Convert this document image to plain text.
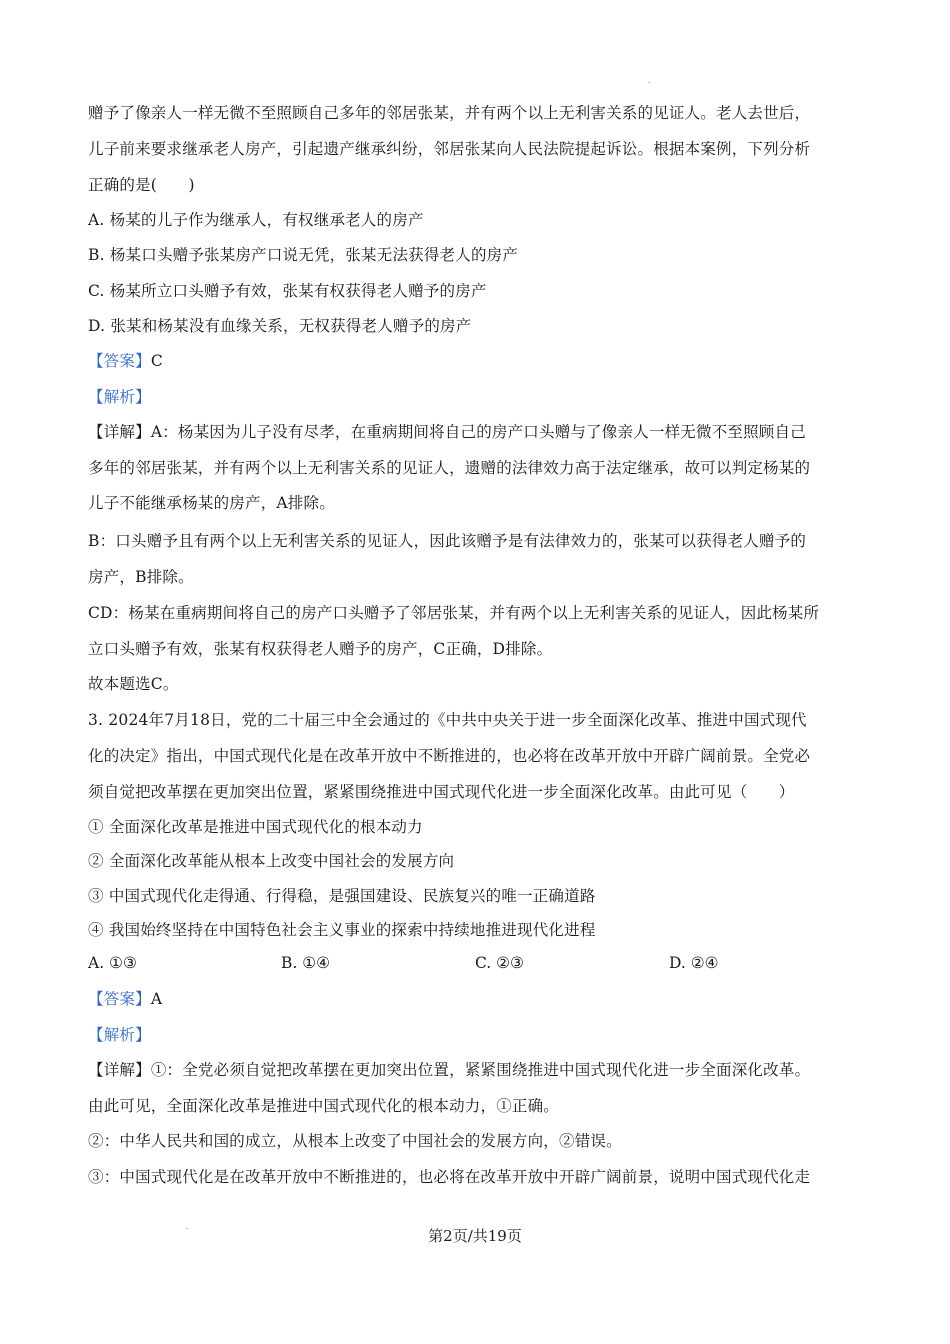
赠予了像亲人一样无微不至照顾自己多年的邻居张某，并有两个以上无利害关系的见证人。老人去世后，
儿子前来要求继承老人房产，引起遗产继承纠纷，邻居张某向人民法院提起诉讼。根据本案例，下列分析
正确的是(　　)
A. 杨某的儿子作为继承人，有权继承老人的房产
B. 杨某口头赠予张某房产口说无凭，张某无法获得老人的房产
C. 杨某所立口头赠予有效，张某有权获得老人赠予的房产
D. 张某和杨某没有血缘关系，无权获得老人赠予的房产
【答案】C
【解析】
【详解】A：杨某因为儿子没有尽孝，在重病期间将自己的房产口头赠与了像亲人一样无微不至照顾自己
多年的邻居张某，并有两个以上无利害关系的见证人，遗赠的法律效力高于法定继承，故可以判定杨某的
儿子不能继承杨某的房产，A排除。
B：口头赠予且有两个以上无利害关系的见证人，因此该赠予是有法律效力的，张某可以获得老人赠予的
房产，B排除。
CD：杨某在重病期间将自己的房产口头赠予了邻居张某，并有两个以上无利害关系的见证人，因此杨某所
立口头赠予有效，张某有权获得老人赠予的房产，C正确，D排除。
故本题选C。
3. 2024年7月18日，党的二十届三中全会通过的《中共中央关于进一步全面深化改革、推进中国式现代
化的决定》指出，中国式现代化是在改革开放中不断推进的，也必将在改革开放中开辟广阔前景。全党必
须自觉把改革摆在更加突出位置，紧紧围绕推进中国式现代化进一步全面深化改革。由此可见（　　）
① 全面深化改革是推进中国式现代化的根本动力
② 全面深化改革能从根本上改变中国社会的发展方向
③ 中国式现代化走得通、行得稳，是强国建设、民族复兴的唯一正确道路
④ 我国始终坚持在中国特色社会主义事业的探索中持续地推进现代化进程
A. ①③	B. ①④	C. ②③	D. ②④
【答案】A
【解析】
【详解】①：全党必须自觉把改革摆在更加突出位置，紧紧围绕推进中国式现代化进一步全面深化改革。
由此可见，全面深化改革是推进中国式现代化的根本动力，①正确。
②：中华人民共和国的成立，从根本上改变了中国社会的发展方向，②错误。
③：中国式现代化是在改革开放中不断推进的，也必将在改革开放中开辟广阔前景，说明中国式现代化走
第2页/共19页
